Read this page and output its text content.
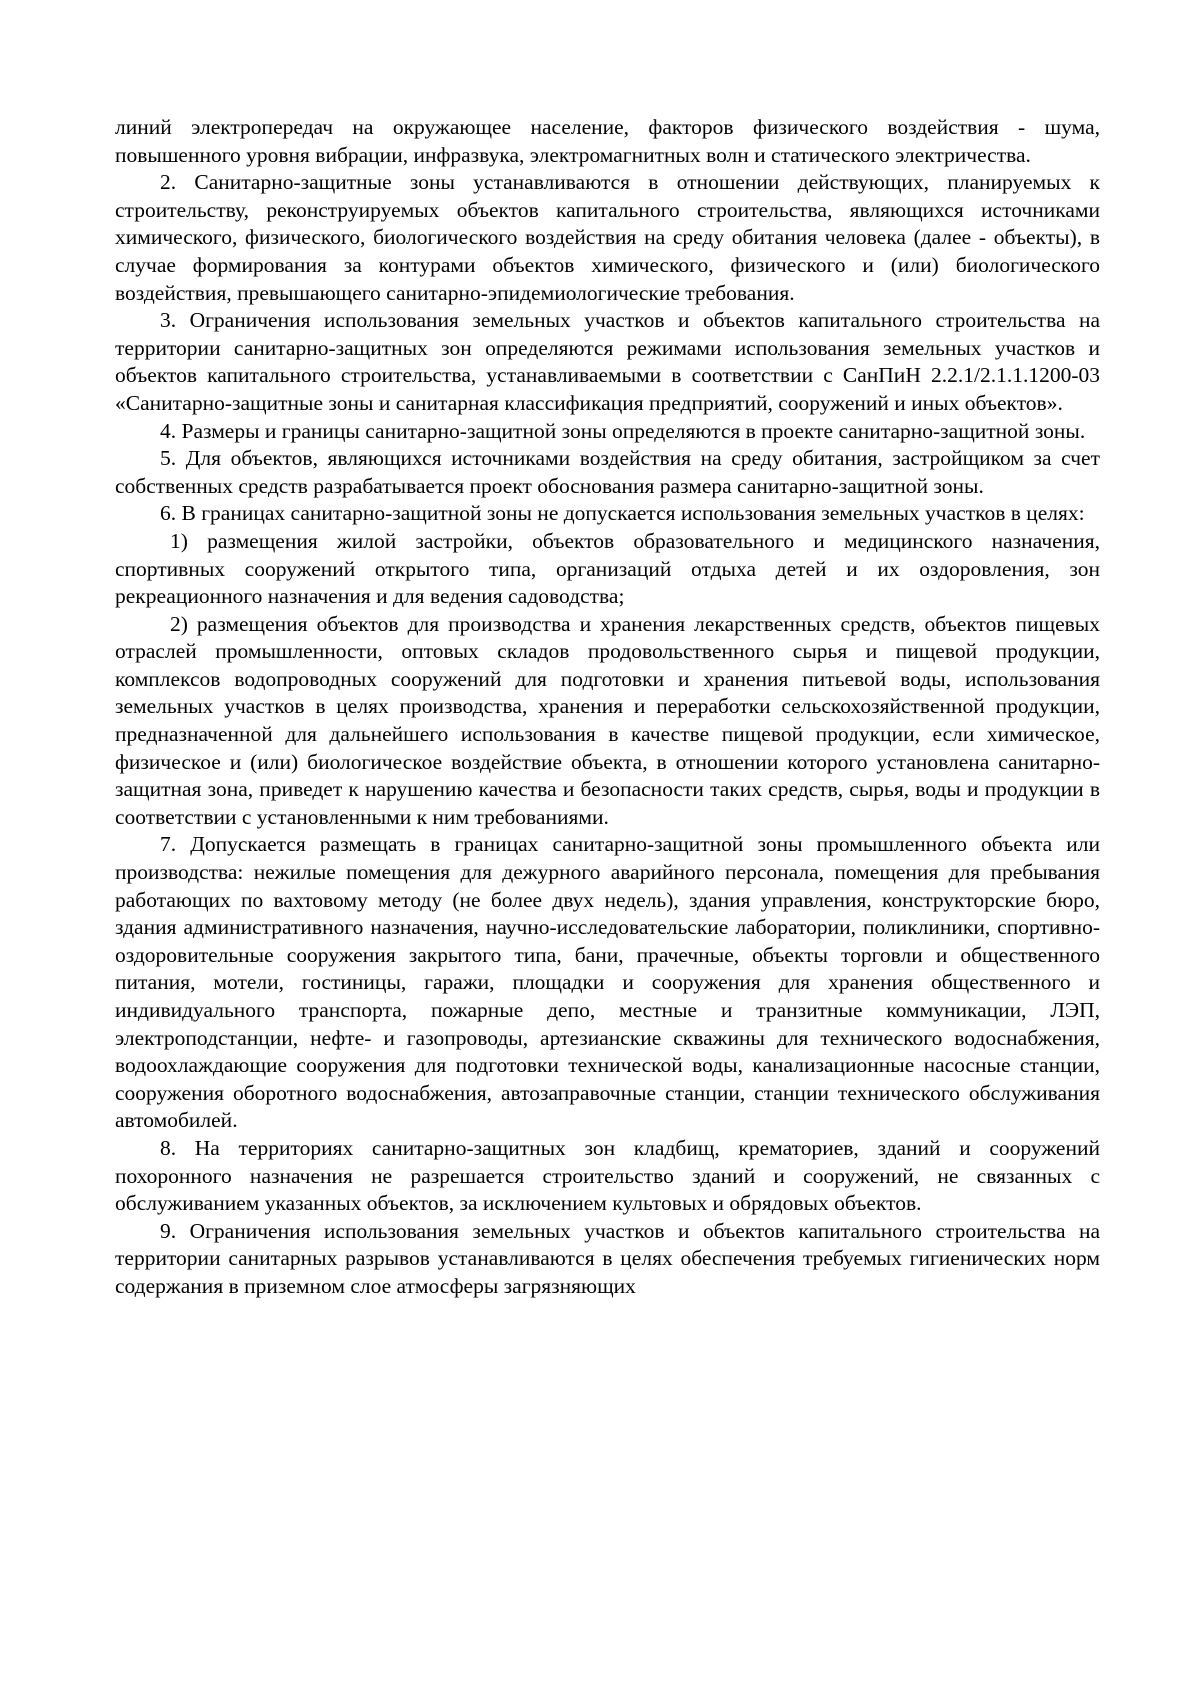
линий электропередач на окружающее население, факторов физического воздействия - шума, повышенного уровня вибрации, инфразвука, электромагнитных волн и статического электричества.

2. Санитарно-защитные зоны устанавливаются в отношении действующих, планируемых к строительству, реконструируемых объектов капитального строительства, являющихся источниками химического, физического, биологического воздействия на среду обитания человека (далее - объекты), в случае формирования за контурами объектов химического, физического и (или) биологического воздействия, превышающего санитарно-эпидемиологические требования.

3. Ограничения использования земельных участков и объектов капитального строительства на территории санитарно-защитных зон определяются режимами использования земельных участков и объектов капитального строительства, устанавливаемыми в соответствии с СанПиН 2.2.1/2.1.1.1200-03 «Санитарно-защитные зоны и санитарная классификация предприятий, сооружений и иных объектов».

4. Размеры и границы санитарно-защитной зоны определяются в проекте санитарно-защитной зоны.

5. Для объектов, являющихся источниками воздействия на среду обитания, застройщиком за счет собственных средств разрабатывается проект обоснования размера санитарно-защитной зоны.

6. В границах санитарно-защитной зоны не допускается использования земельных участков в целях:

1) размещения жилой застройки, объектов образовательного и медицинского назначения, спортивных сооружений открытого типа, организаций отдыха детей и их оздоровления, зон рекреационного назначения и для ведения садоводства;

2) размещения объектов для производства и хранения лекарственных средств, объектов пищевых отраслей промышленности, оптовых складов продовольственного сырья и пищевой продукции, комплексов водопроводных сооружений для подготовки и хранения питьевой воды, использования земельных участков в целях производства, хранения и переработки сельскохозяйственной продукции, предназначенной для дальнейшего использования в качестве пищевой продукции, если химическое, физическое и (или) биологическое воздействие объекта, в отношении которого установлена санитарно-защитная зона, приведет к нарушению качества и безопасности таких средств, сырья, воды и продукции в соответствии с установленными к ним требованиями.

7. Допускается размещать в границах санитарно-защитной зоны промышленного объекта или производства: нежилые помещения для дежурного аварийного персонала, помещения для пребывания работающих по вахтовому методу (не более двух недель), здания управления, конструкторские бюро, здания административного назначения, научно-исследовательские лаборатории, поликлиники, спортивно-оздоровительные сооружения закрытого типа, бани, прачечные, объекты торговли и общественного питания, мотели, гостиницы, гаражи, площадки и сооружения для хранения общественного и индивидуального транспорта, пожарные депо, местные и транзитные коммуникации, ЛЭП, электроподстанции, нефте- и газопроводы, артезианские скважины для технического водоснабжения, водоохлаждающие сооружения для подготовки технической воды, канализационные насосные станции, сооружения оборотного водоснабжения, автозаправочные станции, станции технического обслуживания автомобилей.

8. На территориях санитарно-защитных зон кладбищ, крематориев, зданий и сооружений похоронного назначения не разрешается строительство зданий и сооружений, не связанных с обслуживанием указанных объектов, за исключением культовых и обрядовых объектов.

9. Ограничения использования земельных участков и объектов капитального строительства на территории санитарных разрывов устанавливаются в целях обеспечения требуемых гигиенических норм содержания в приземном слое атмосферы загрязняющих
